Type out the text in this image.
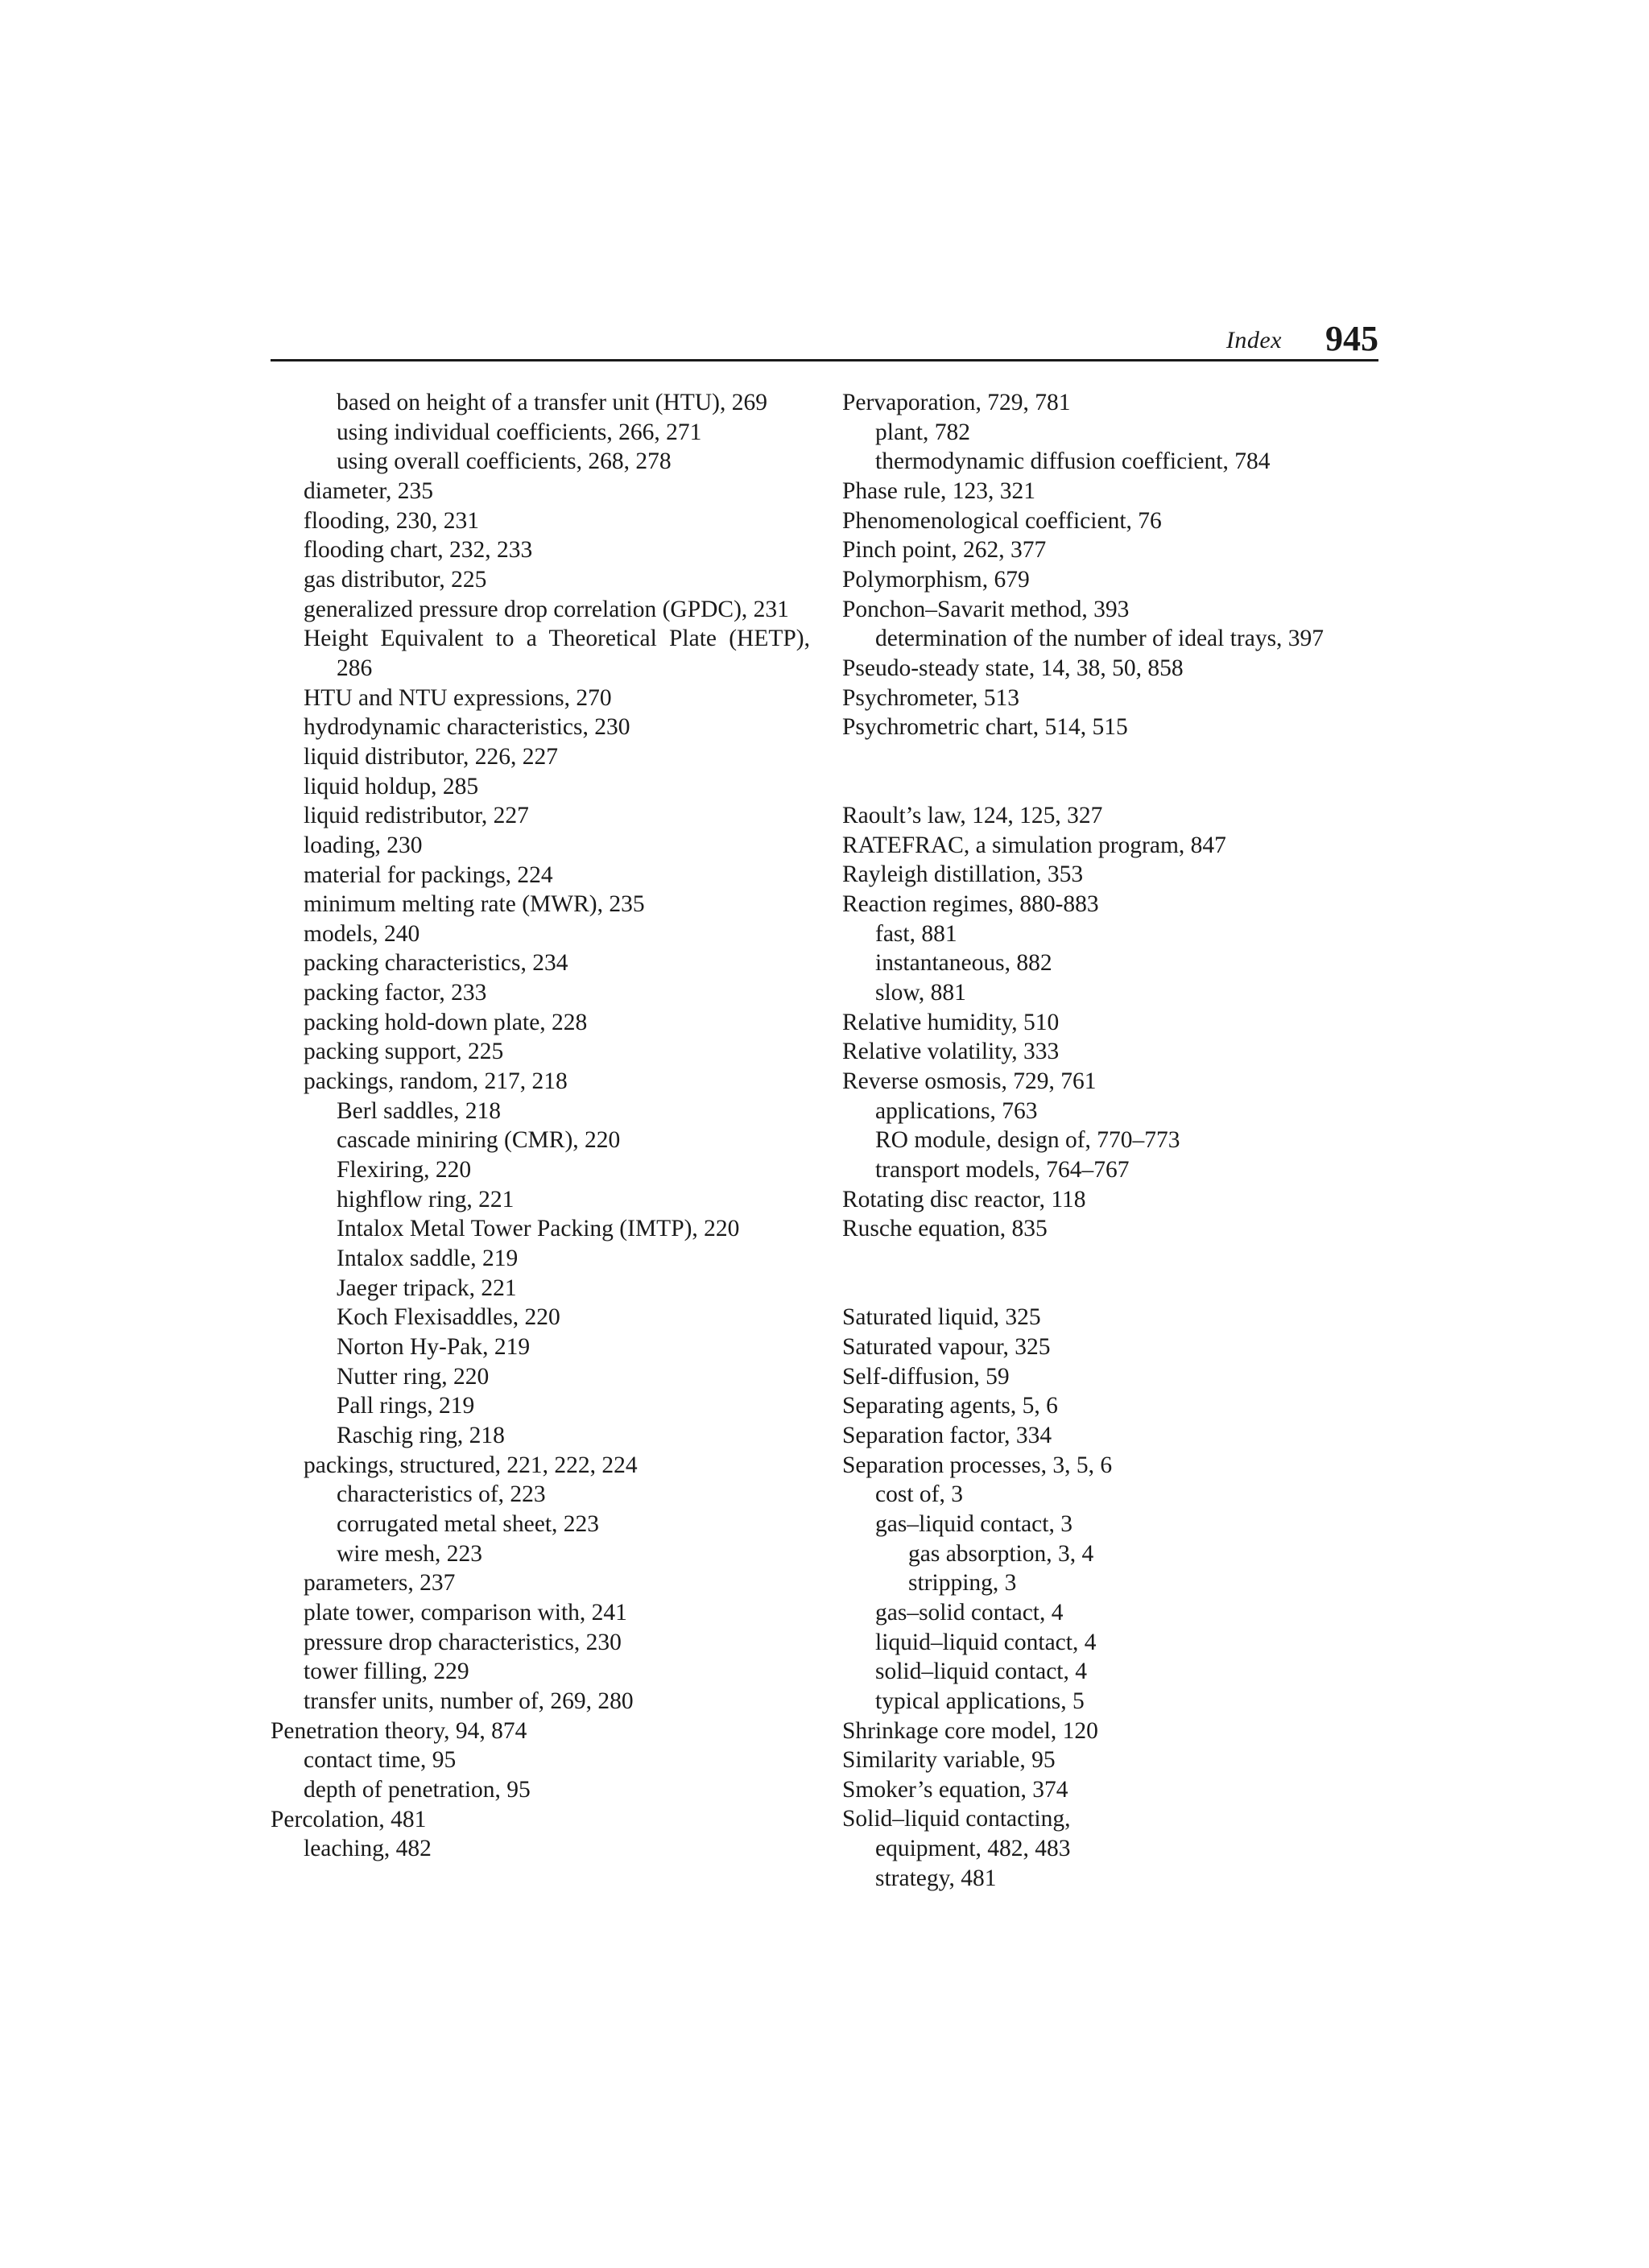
Index 945
based on height of a transfer unit (HTU), 269
using individual coefficients, 266, 271
using overall coefficients, 268, 278
diameter, 235
flooding, 230, 231
flooding chart, 232, 233
gas distributor, 225
generalized pressure drop correlation (GPDC), 231
Height Equivalent to a Theoretical Plate (HETP), 286
HTU and NTU expressions, 270
hydrodynamic characteristics, 230
liquid distributor, 226, 227
liquid holdup, 285
liquid redistributor, 227
loading, 230
material for packings, 224
minimum melting rate (MWR), 235
models, 240
packing characteristics, 234
packing factor, 233
packing hold-down plate, 228
packing support, 225
packings, random, 217, 218
Berl saddles, 218
cascade miniring (CMR), 220
Flexiring, 220
highflow ring, 221
Intalox Metal Tower Packing (IMTP), 220
Intalox saddle, 219
Jaeger tripack, 221
Koch Flexisaddles, 220
Norton Hy-Pak, 219
Nutter ring, 220
Pall rings, 219
Raschig ring, 218
packings, structured, 221, 222, 224
characteristics of, 223
corrugated metal sheet, 223
wire mesh, 223
parameters, 237
plate tower, comparison with, 241
pressure drop characteristics, 230
tower filling, 229
transfer units, number of, 269, 280
Penetration theory, 94, 874
contact time, 95
depth of penetration, 95
Percolation, 481
leaching, 482
Pervaporation, 729, 781
plant, 782
thermodynamic diffusion coefficient, 784
Phase rule, 123, 321
Phenomenological coefficient, 76
Pinch point, 262, 377
Polymorphism, 679
Ponchon–Savarit method, 393
determination of the number of ideal trays, 397
Pseudo-steady state, 14, 38, 50, 858
Psychrometer, 513
Psychrometric chart, 514, 515
Raoult’s law, 124, 125, 327
RATEFRAC, a simulation program, 847
Rayleigh distillation, 353
Reaction regimes, 880-883
fast, 881
instantaneous, 882
slow, 881
Relative humidity, 510
Relative volatility, 333
Reverse osmosis, 729, 761
applications, 763
RO module, design of, 770–773
transport models, 764–767
Rotating disc reactor, 118
Rusche equation, 835
Saturated liquid, 325
Saturated vapour, 325
Self-diffusion, 59
Separating agents, 5, 6
Separation factor, 334
Separation processes, 3, 5, 6
cost of, 3
gas–liquid contact, 3
gas absorption, 3, 4
stripping, 3
gas–solid contact, 4
liquid–liquid contact, 4
solid–liquid contact, 4
typical applications, 5
Shrinkage core model, 120
Similarity variable, 95
Smoker’s equation, 374
Solid–liquid contacting,
equipment, 482, 483
strategy, 481
